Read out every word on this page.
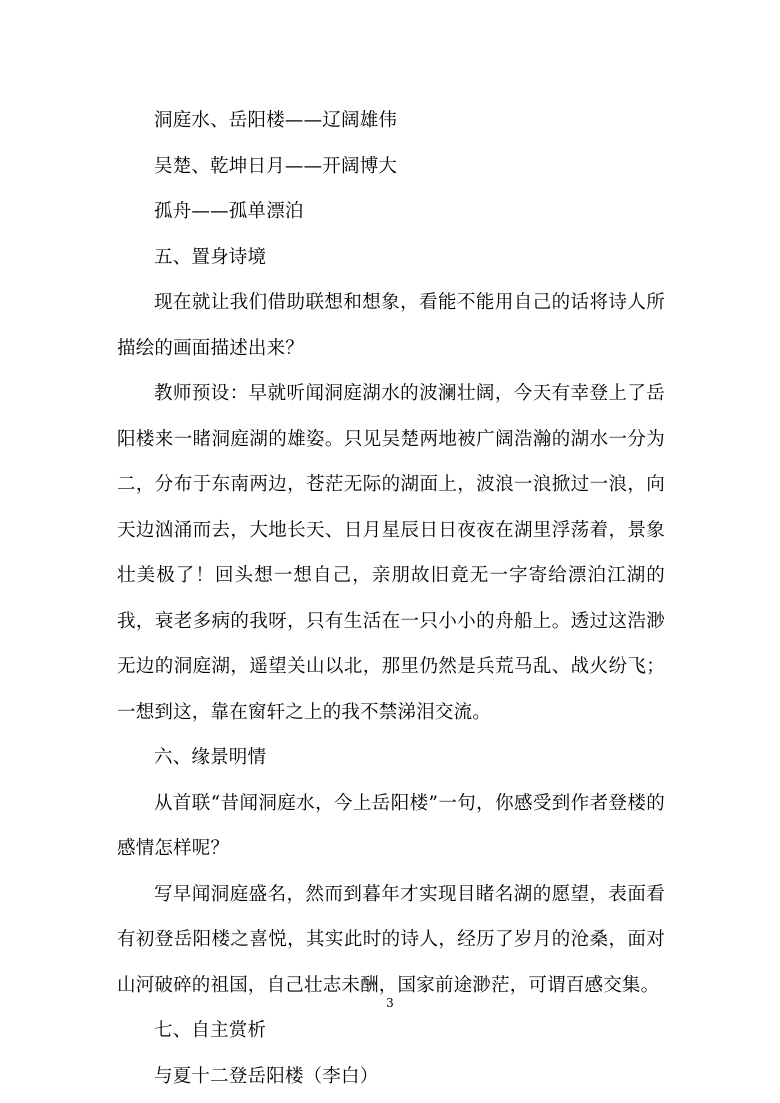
洞庭水、岳阳楼——辽阔雄伟

吴楚、乾坤日月——开阔博大

孤舟——孤单漂泊

五、置身诗境

现在就让我们借助联想和想象，看能不能用自己的话将诗人所描绘的画面描述出来？

教师预设：早就听闻洞庭湖水的波澜壮阔，今天有幸登上了岳阳楼来一睹洞庭湖的雄姿。只见吴楚两地被广阔浩瀚的湖水一分为二，分布于东南两边，苍茫无际的湖面上，波浪一浪掀过一浪，向天边汹涌而去，大地长天、日月星辰日日夜夜在湖里浮荡着，景象壮美极了！回头想一想自己，亲朋故旧竟无一字寄给漂泊江湖的我，衰老多病的我呀，只有生活在一只小小的舟船上。透过这浩渺无边的洞庭湖，遥望关山以北，那里仍然是兵荒马乱、战火纷飞；一想到这，靠在窗轩之上的我不禁涕泪交流。

六、缘景明情

从首联“昔闻洞庭水，今上岳阳楼”一句，你感受到作者登楼的感情怎样呢？

写早闻洞庭盛名，然而到暮年才实现目睹名湖的愿望，表面看有初登岳阳楼之喜悦，其实此时的诗人，经历了岁月的沧桑，面对山河破碎的祖国，自己壮志未酬，国家前途渺茫，可谓百感交集。

七、自主赏析

与夏十二登岳阳楼（李白）

3
